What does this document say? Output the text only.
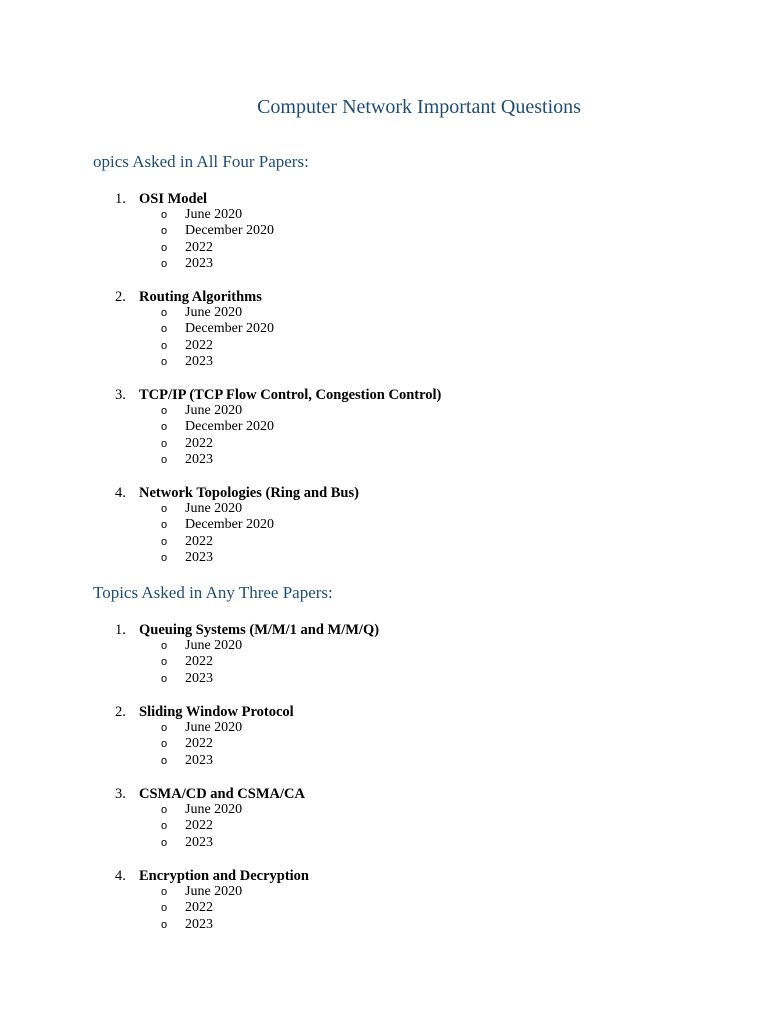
Computer Network Important Questions
opics Asked in All Four Papers:
1. OSI Model
o	June 2020
o	December 2020
o	2022
o	2023
2. Routing Algorithms
o	June 2020
o	December 2020
o	2022
o	2023
3. TCP/IP (TCP Flow Control, Congestion Control)
o	June 2020
o	December 2020
o	2022
o	2023
4. Network Topologies (Ring and Bus)
o	June 2020
o	December 2020
o	2022
o	2023
Topics Asked in Any Three Papers:
1. Queuing Systems (M/M/1 and M/M/Q)
o	June 2020
o	2022
o	2023
2. Sliding Window Protocol
o	June 2020
o	2022
o	2023
3. CSMA/CD and CSMA/CA
o	June 2020
o	2022
o	2023
4. Encryption and Decryption
o	June 2020
o	2022
o	2023
